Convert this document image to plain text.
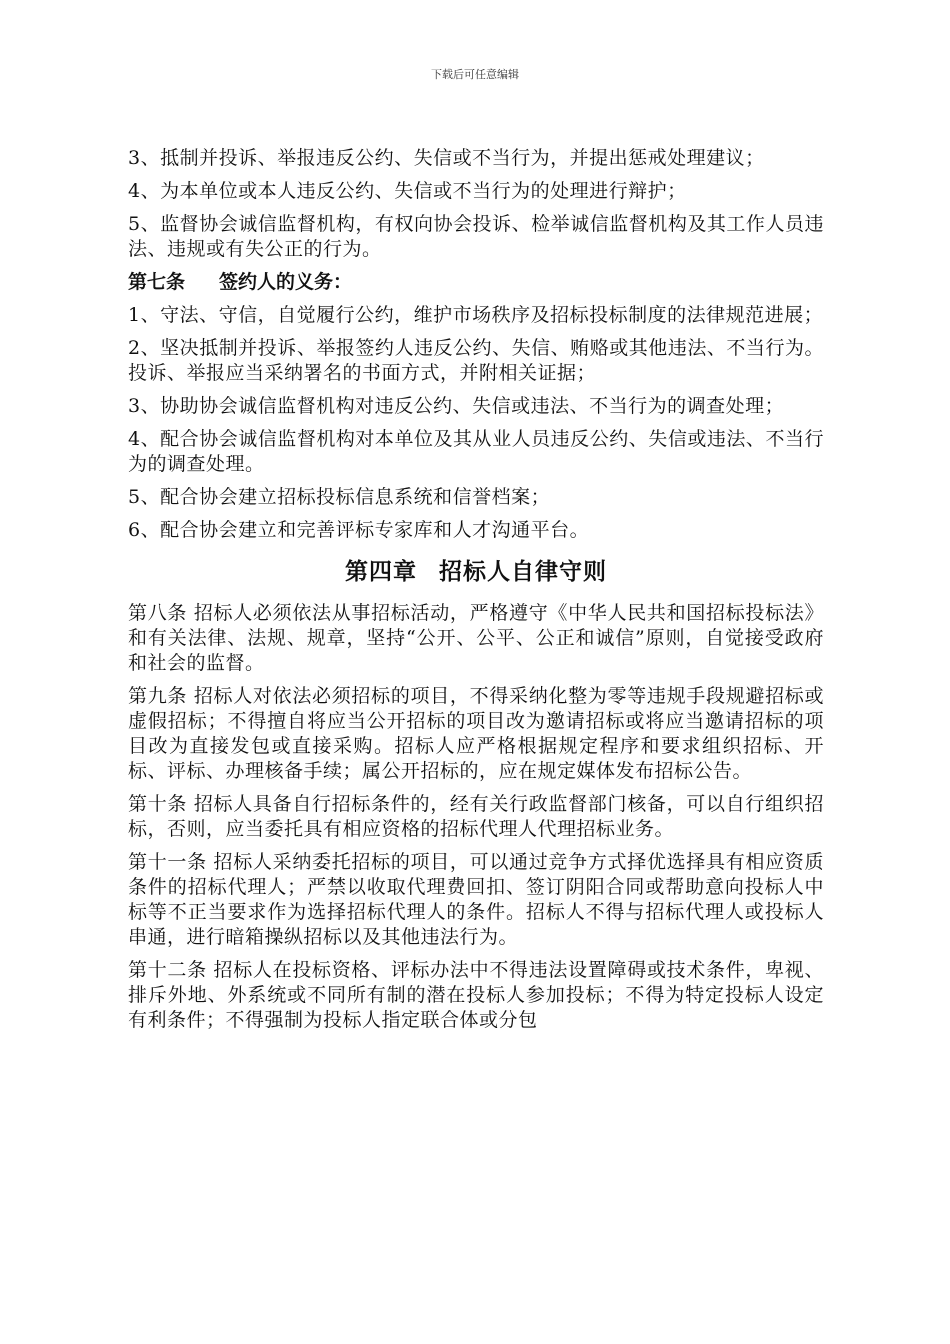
下载后可任意编辑

3、抵制并投诉、举报违反公约、失信或不当行为，并提出惩戒处理建议；

4、为本单位或本人违反公约、失信或不当行为的处理进行辩护；

5、监督协会诚信监督机构，有权向协会投诉、检举诚信监督机构及其工作人员违法、违规或有失公正的行为。

第七条 签约人的义务：

1、守法、守信，自觉履行公约，维护市场秩序及招标投标制度的法律规范进展；

2、坚决抵制并投诉、举报签约人违反公约、失信、贿赂或其他违法、不当行为。投诉、举报应当采纳署名的书面方式，并附相关证据；

3、协助协会诚信监督机构对违反公约、失信或违法、不当行为的调查处理；

4、配合协会诚信监督机构对本单位及其从业人员违反公约、失信或违法、不当行为的调查处理。

5、配合协会建立招标投标信息系统和信誉档案；

6、配合协会建立和完善评标专家库和人才沟通平台。

第四章 招标人自律守则

第八条 招标人必须依法从事招标活动，严格遵守《中华人民共和国招标投标法》和有关法律、法规、规章，坚持“公开、公平、公正和诚信”原则，自觉接受政府和社会的监督。

第九条 招标人对依法必须招标的项目，不得采纳化整为零等违规手段规避招标或虚假招标；不得擅自将应当公开招标的项目改为邀请招标或将应当邀请招标的项目改为直接发包或直接采购。招标人应严格根据规定程序和要求组织招标、开标、评标、办理核备手续；属公开招标的，应在规定媒体发布招标公告。

第十条 招标人具备自行招标条件的，经有关行政监督部门核备，可以自行组织招标，否则，应当委托具有相应资格的招标代理人代理招标业务。

第十一条 招标人采纳委托招标的项目，可以通过竞争方式择优选择具有相应资质条件的招标代理人；严禁以收取代理费回扣、签订阴阳合同或帮助意向投标人中标等不正当要求作为选择招标代理人的条件。招标人不得与招标代理人或投标人串通，进行暗箱操纵招标以及其他违法行为。

第十二条 招标人在投标资格、评标办法中不得违法设置障碍或技术条件，卑视、排斥外地、外系统或不同所有制的潜在投标人参加投标；不得为特定投标人设定有利条件；不得强制为投标人指定联合体或分包
